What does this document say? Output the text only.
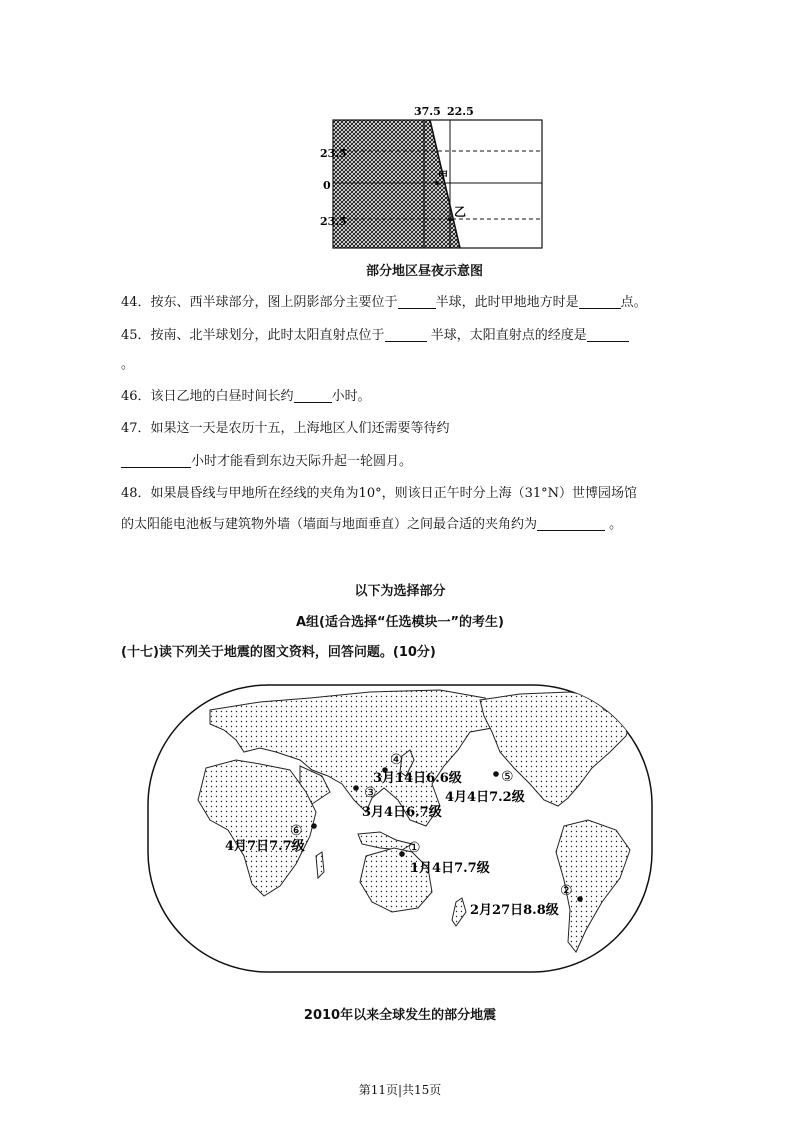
37.5 22.5
甲
乙
23.5
0
23.5
部分地区昼夜示意图
44．按东、西半球部分，图上阴影部分主要位于	半球，此时甲地地方时是	点。
45．按南、北半球划分，此时太阳直射点位于	半球，太阳直射点的经度是
。
46．该日乙地的白昼时间长约	小时。
47．如果这一天是农历十五，上海地区人们还需要等待约
小时才能看到东边天际升起一轮圆月。
48．如果晨昏线与甲地所在经线的夹角为10°，则该日正午时分上海（31°N）世博园场馆
的太阳能电池板与建筑物外墙（墙面与地面垂直）之间最合适的夹角约为	。
以下为选择部分
A组(适合选择“任选模块一”的考生)
(十七)读下列关于地震的图文资料，回答问题。(10分)
④
3月14日6.6级
③
3月4日6.7级
⑤
4月4日7.2级
⑥
4月7日7.7级	①
1月4日7.7级
②
2月27日8.8级
2010年以来全球发生的部分地震
第11页|共15页
